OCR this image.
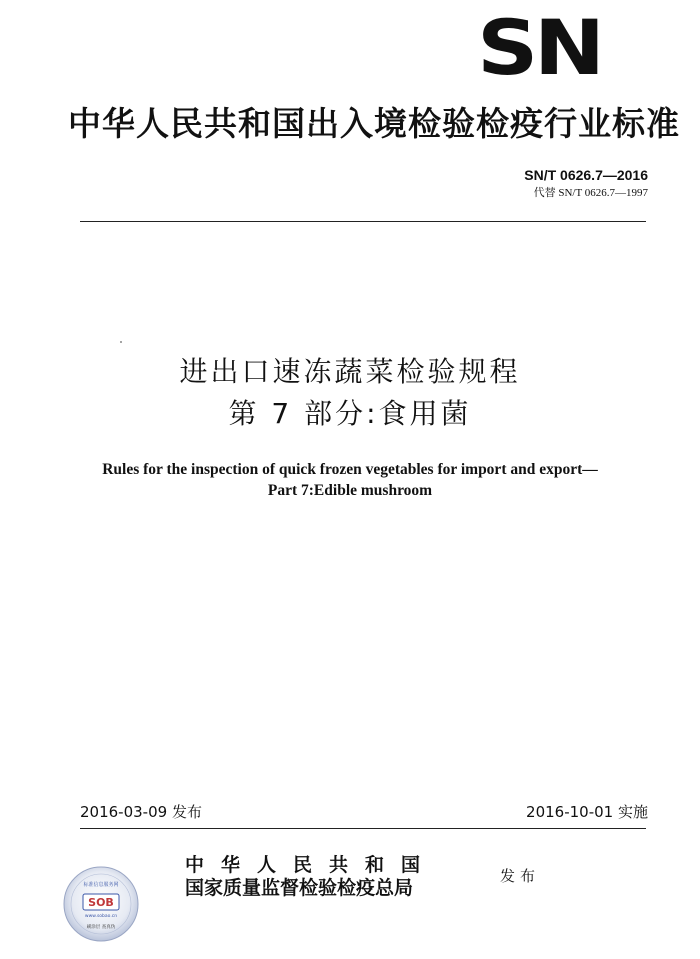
SN
中华人民共和国出入境检验检疫行业标准
SN/T 0626.7—2016
代替 SN/T 0626.7—1997
进出口速冻蔬菜检验规程
第 7 部分:食用菌
Rules for the inspection of quick frozen vegetables for import and export—
Part 7:Edible mushroom
2016-03-09 发布	2016-10-01 实施
SOB
标准信息服务网
www.sobao.cn
刷涂层 查真伪
中华人民共和国
国家质量监督检验检疫总局
发布
